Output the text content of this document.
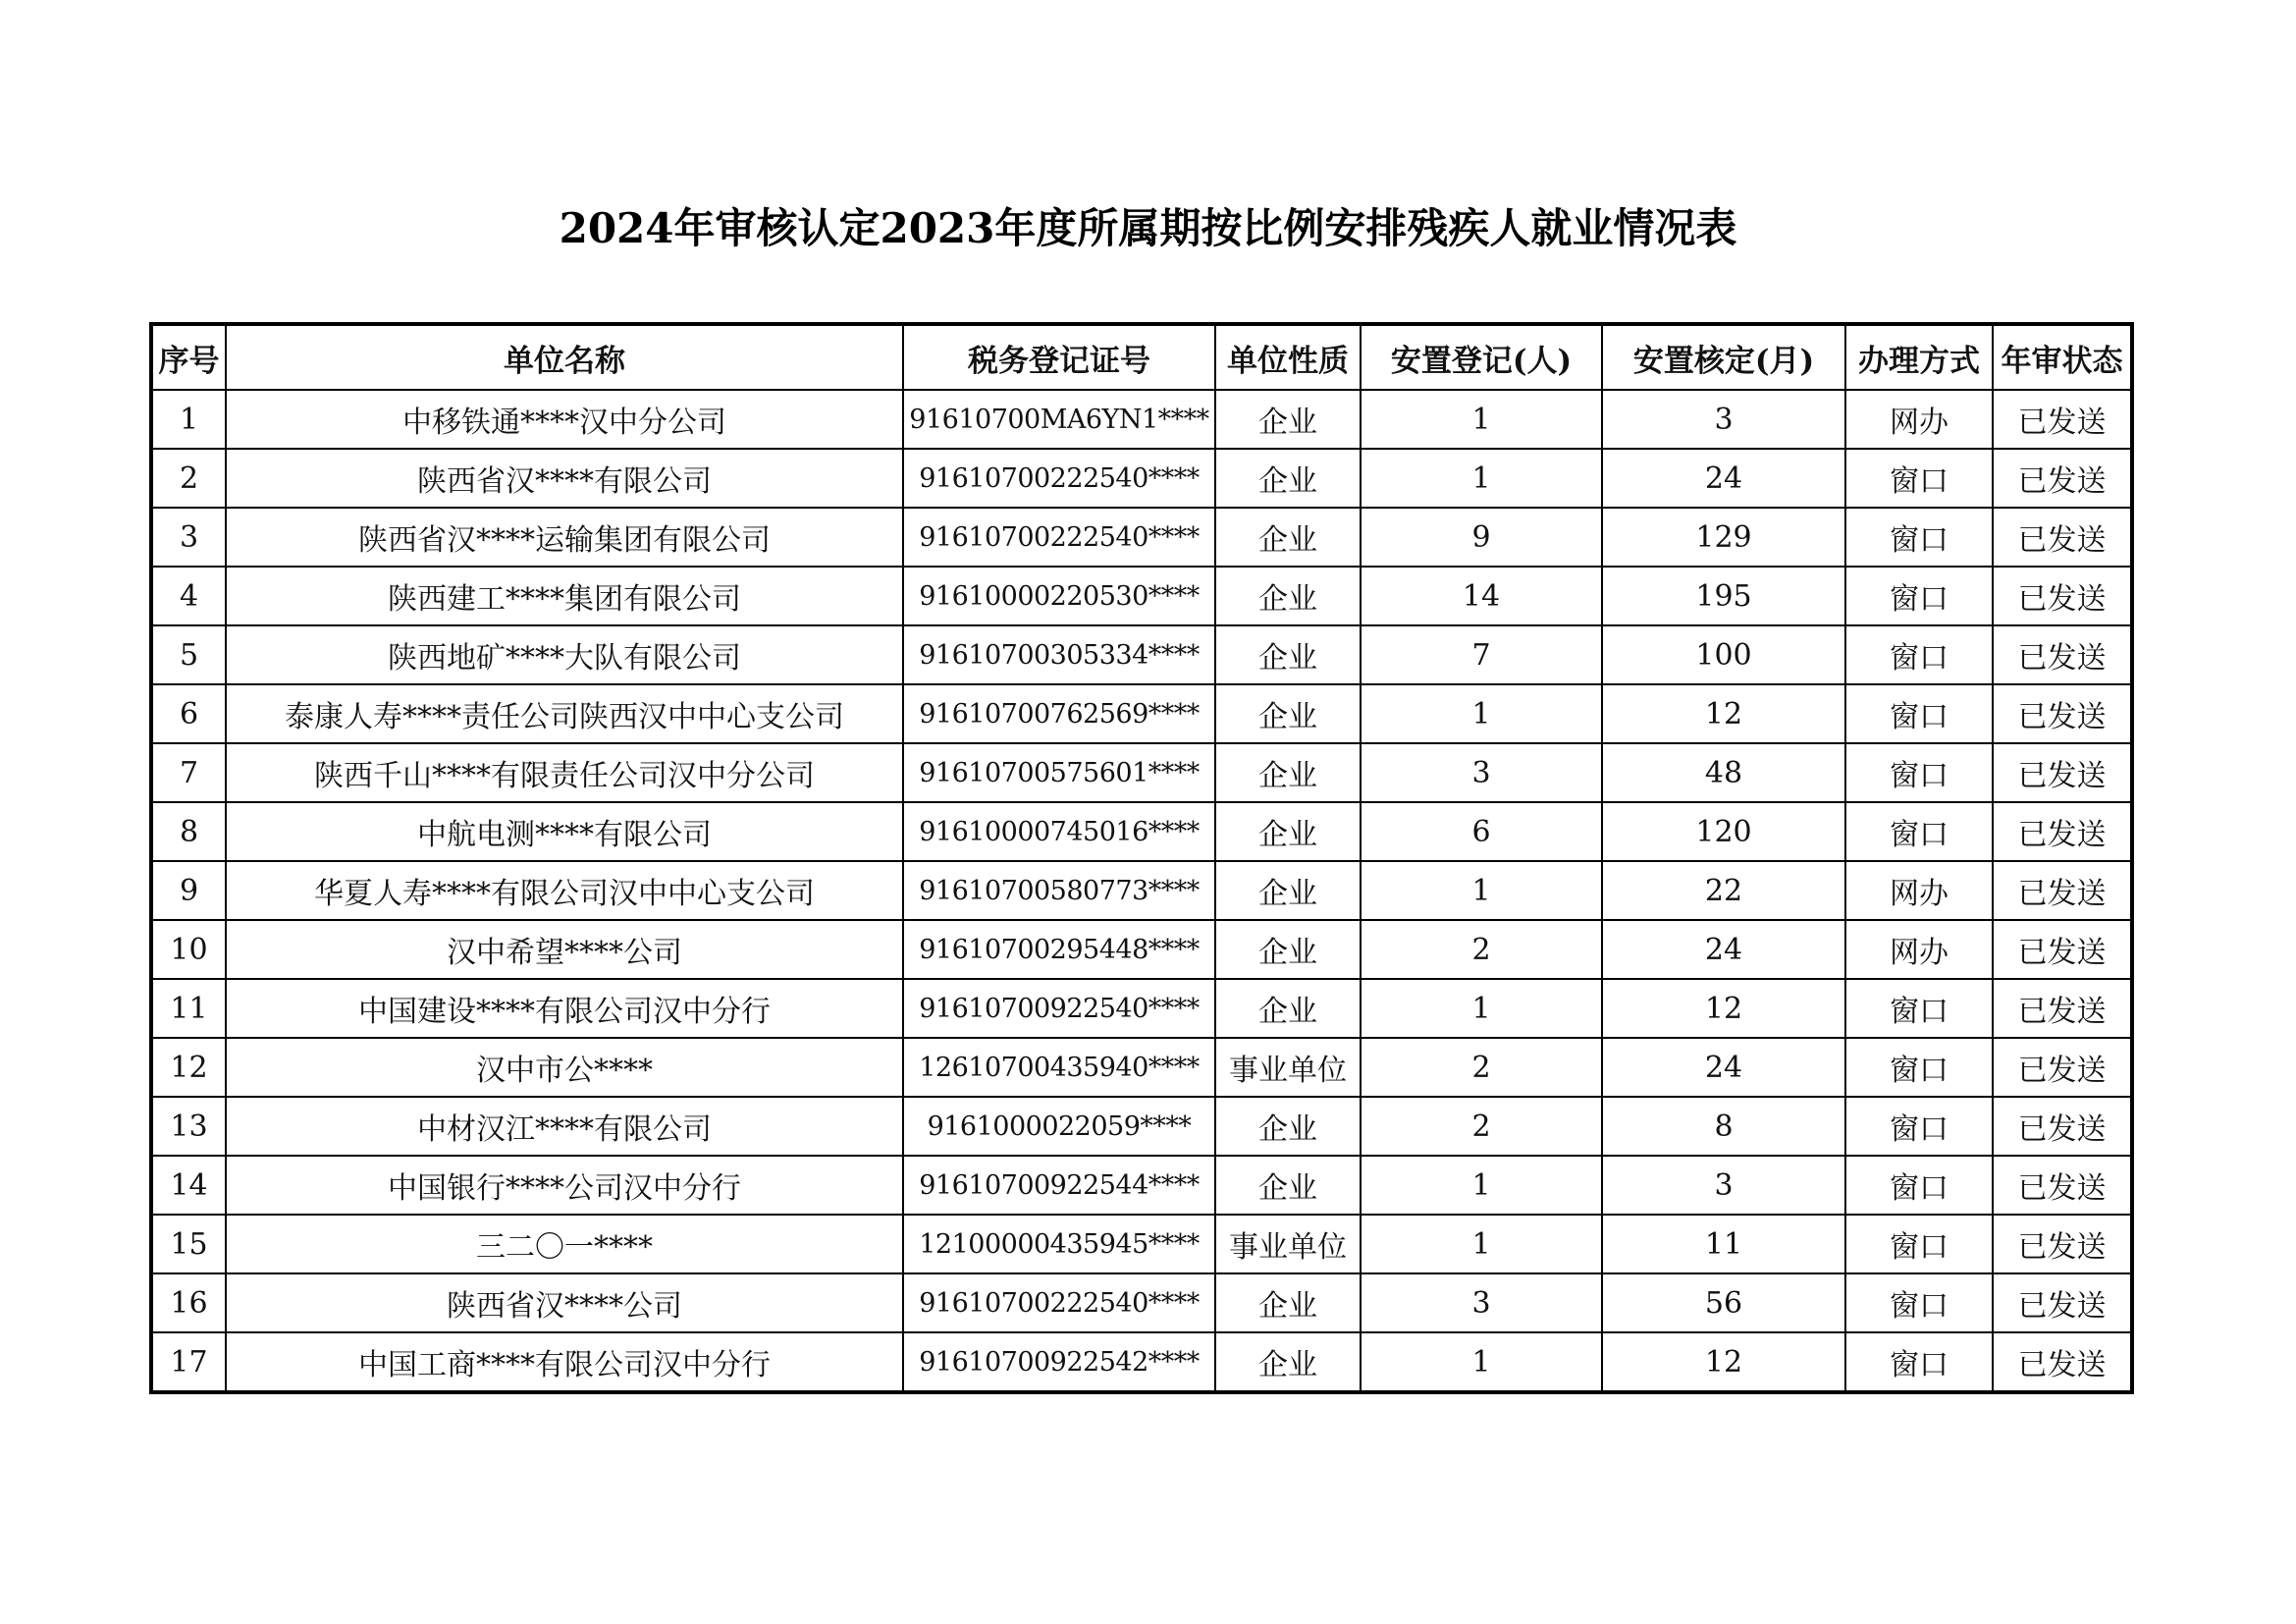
2024年审核认定2023年度所属期按比例安排残疾人就业情况表
序号	单位名称	税务登记证号	单位性质	安置登记(人)	安置核定(月)	办理方式	年审状态
1	中移铁通****汉中分公司	91610700MA6YN1****	企业	1	3	网办	已发送
2	陕西省汉****有限公司	91610700222540****	企业	1	24	窗口	已发送
3	陕西省汉****运输集团有限公司	91610700222540****	企业	9	129	窗口	已发送
4	陕西建工****集团有限公司	91610000220530****	企业	14	195	窗口	已发送
5	陕西地矿****大队有限公司	91610700305334****	企业	7	100	窗口	已发送
6	泰康人寿****责任公司陕西汉中中心支公司	91610700762569****	企业	1	12	窗口	已发送
7	陕西千山****有限责任公司汉中分公司	91610700575601****	企业	3	48	窗口	已发送
8	中航电测****有限公司	91610000745016****	企业	6	120	窗口	已发送
9	华夏人寿****有限公司汉中中心支公司	91610700580773****	企业	1	22	网办	已发送
10	汉中希望****公司	91610700295448****	企业	2	24	网办	已发送
11	中国建设****有限公司汉中分行	91610700922540****	企业	1	12	窗口	已发送
12	汉中市公****	12610700435940****	事业单位	2	24	窗口	已发送
13	中材汉江****有限公司	9161000022059****	企业	2	8	窗口	已发送
14	中国银行****公司汉中分行	91610700922544****	企业	1	3	窗口	已发送
15	三二〇一****	12100000435945****	事业单位	1	11	窗口	已发送
16	陕西省汉****公司	91610700222540****	企业	3	56	窗口	已发送
17	中国工商****有限公司汉中分行	91610700922542****	企业	1	12	窗口	已发送
